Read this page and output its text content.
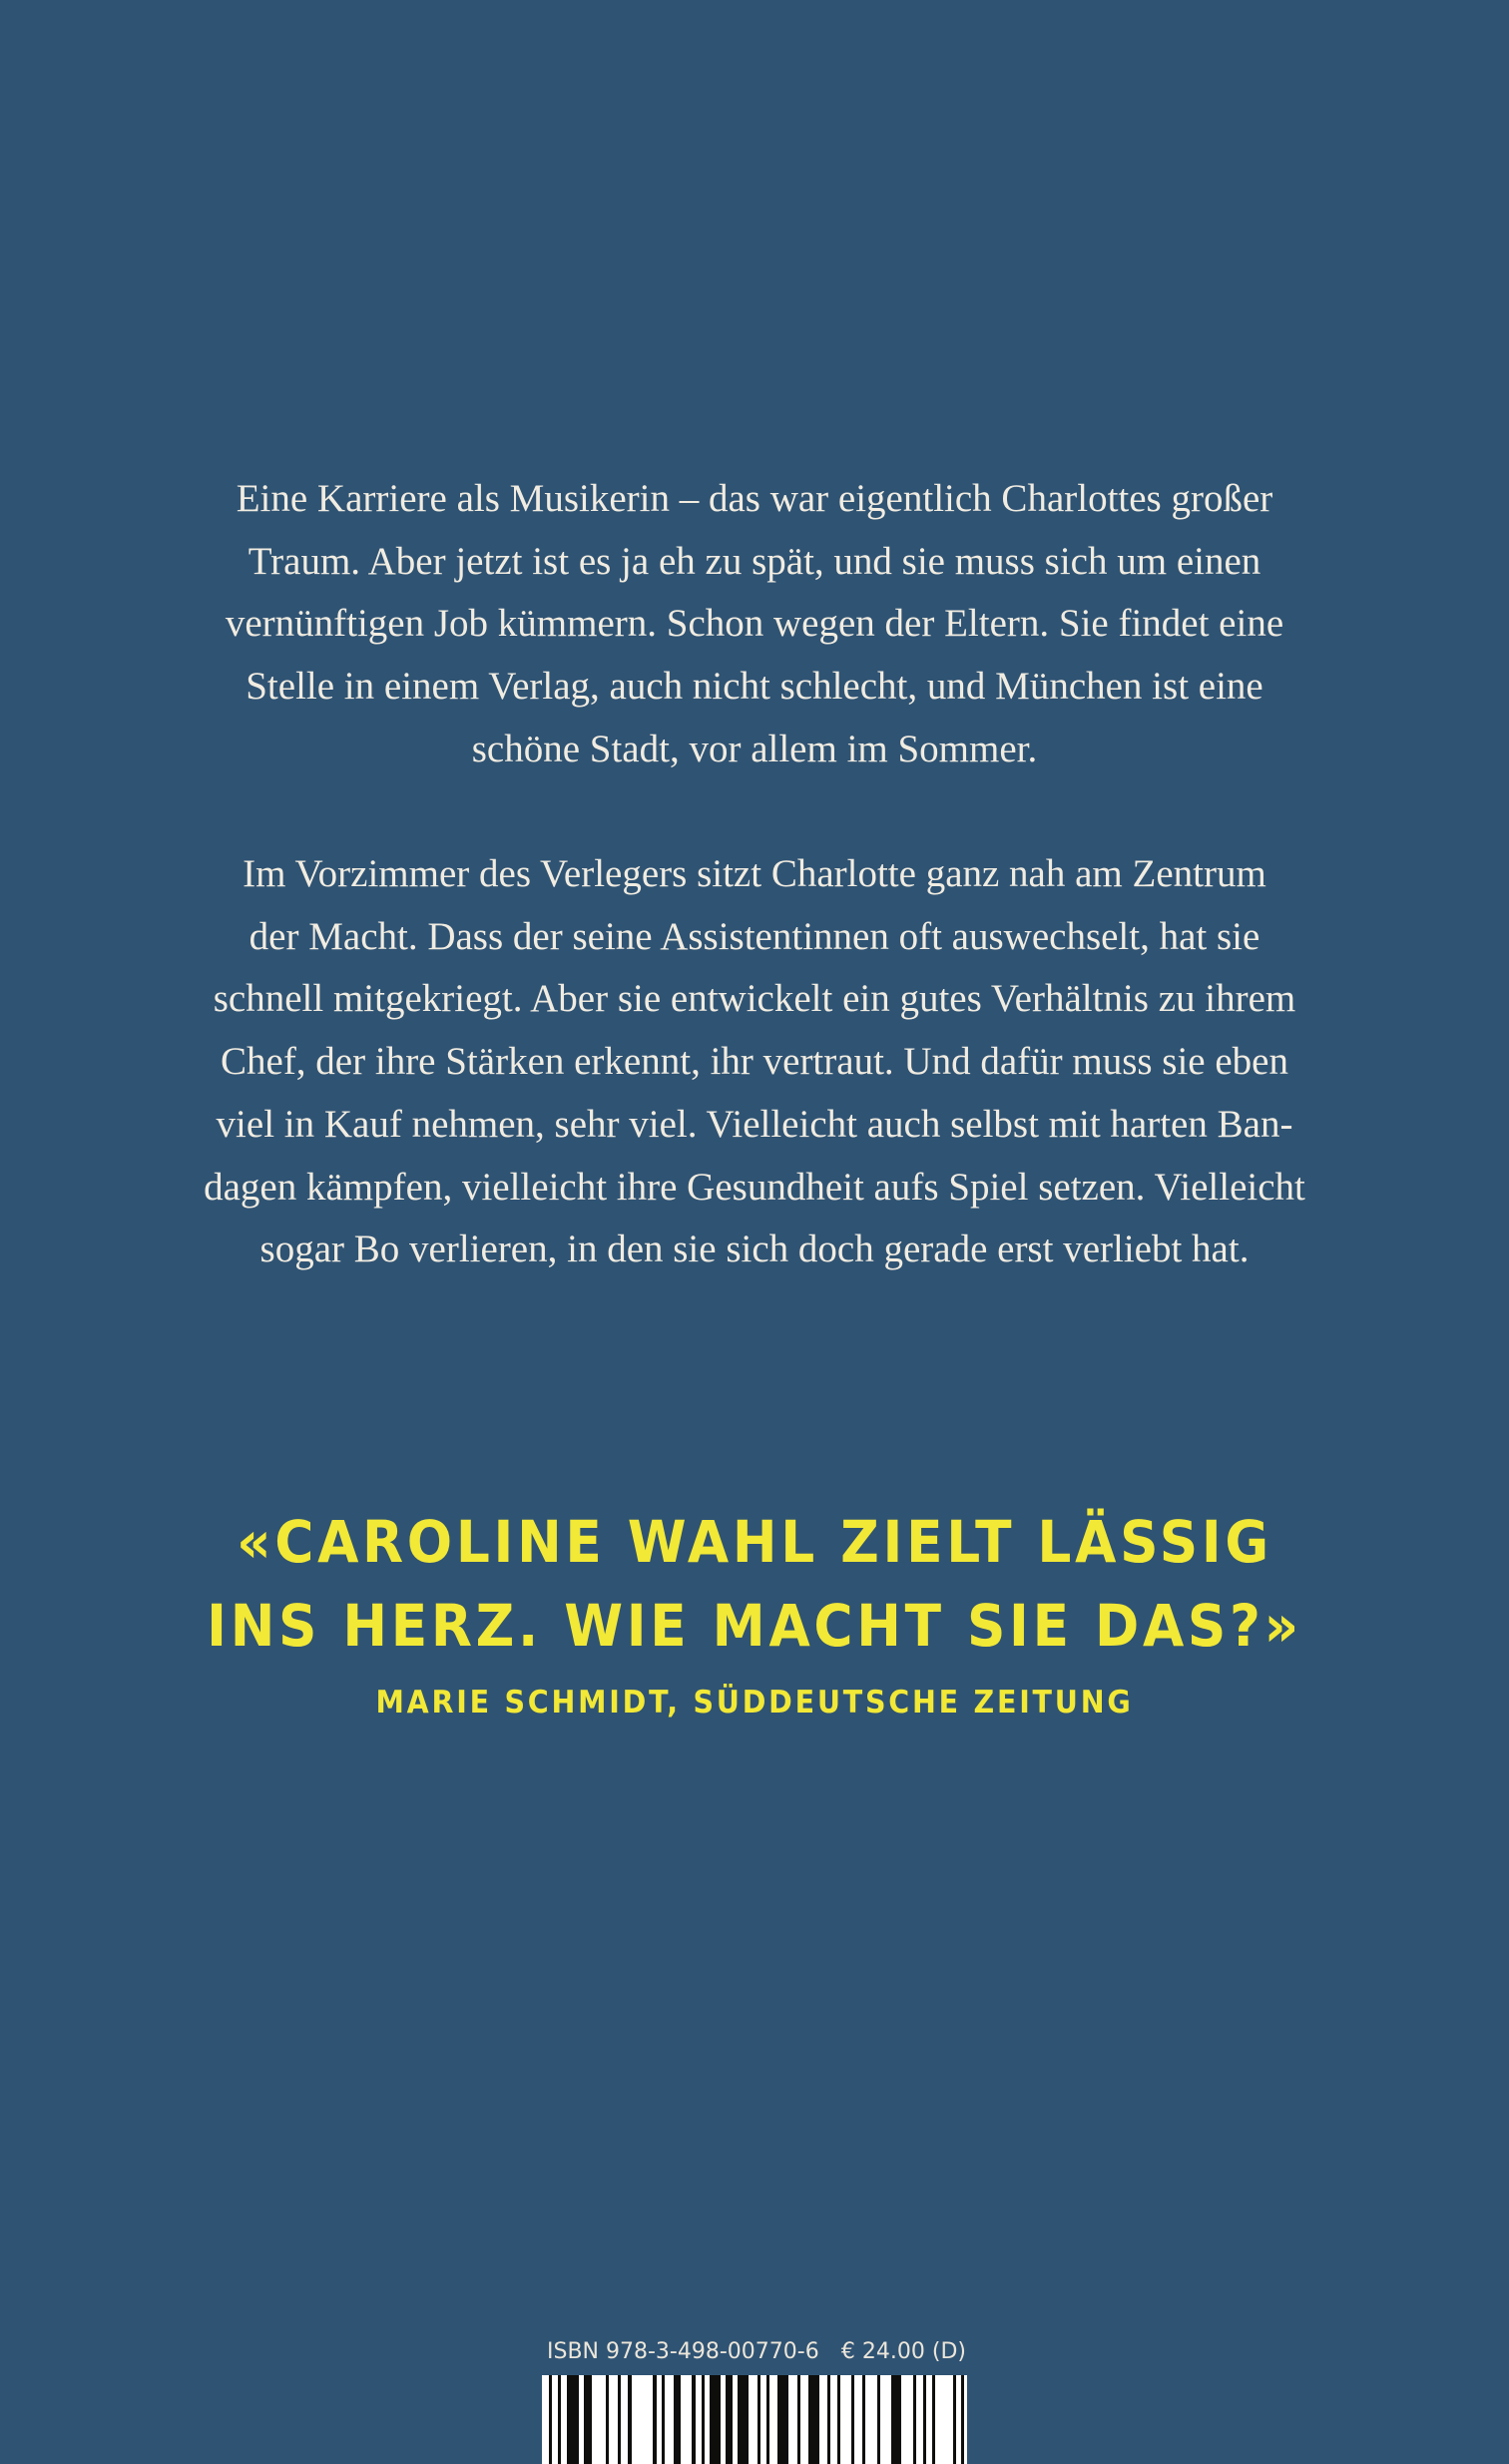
Eine Karriere als Musikerin – das war eigentlich Charlottes großer
Traum. Aber jetzt ist es ja eh zu spät, und sie muss sich um einen
vernünftigen Job kümmern. Schon wegen der Eltern. Sie findet eine
Stelle in einem Verlag, auch nicht schlecht, und München ist eine
schöne Stadt, vor allem im Sommer.
Im Vorzimmer des Verlegers sitzt Charlotte ganz nah am Zentrum
der Macht. Dass der seine Assistentinnen oft auswechselt, hat sie
schnell mitgekriegt. Aber sie entwickelt ein gutes Verhältnis zu ihrem
Chef, der ihre Stärken erkennt, ihr vertraut. Und dafür muss sie eben
viel in Kauf nehmen, sehr viel. Vielleicht auch selbst mit harten Ban-
dagen kämpfen, vielleicht ihre Gesundheit aufs Spiel setzen. Vielleicht
sogar Bo verlieren, in den sie sich doch gerade erst verliebt hat.
«CAROLINE WAHL ZIELT LÄSSIG
INS HERZ. WIE MACHT SIE DAS?»
MARIE SCHMIDT, SÜDDEUTSCHE ZEITUNG
ISBN 978-3-498-00770-6 € 24.00 (D)
